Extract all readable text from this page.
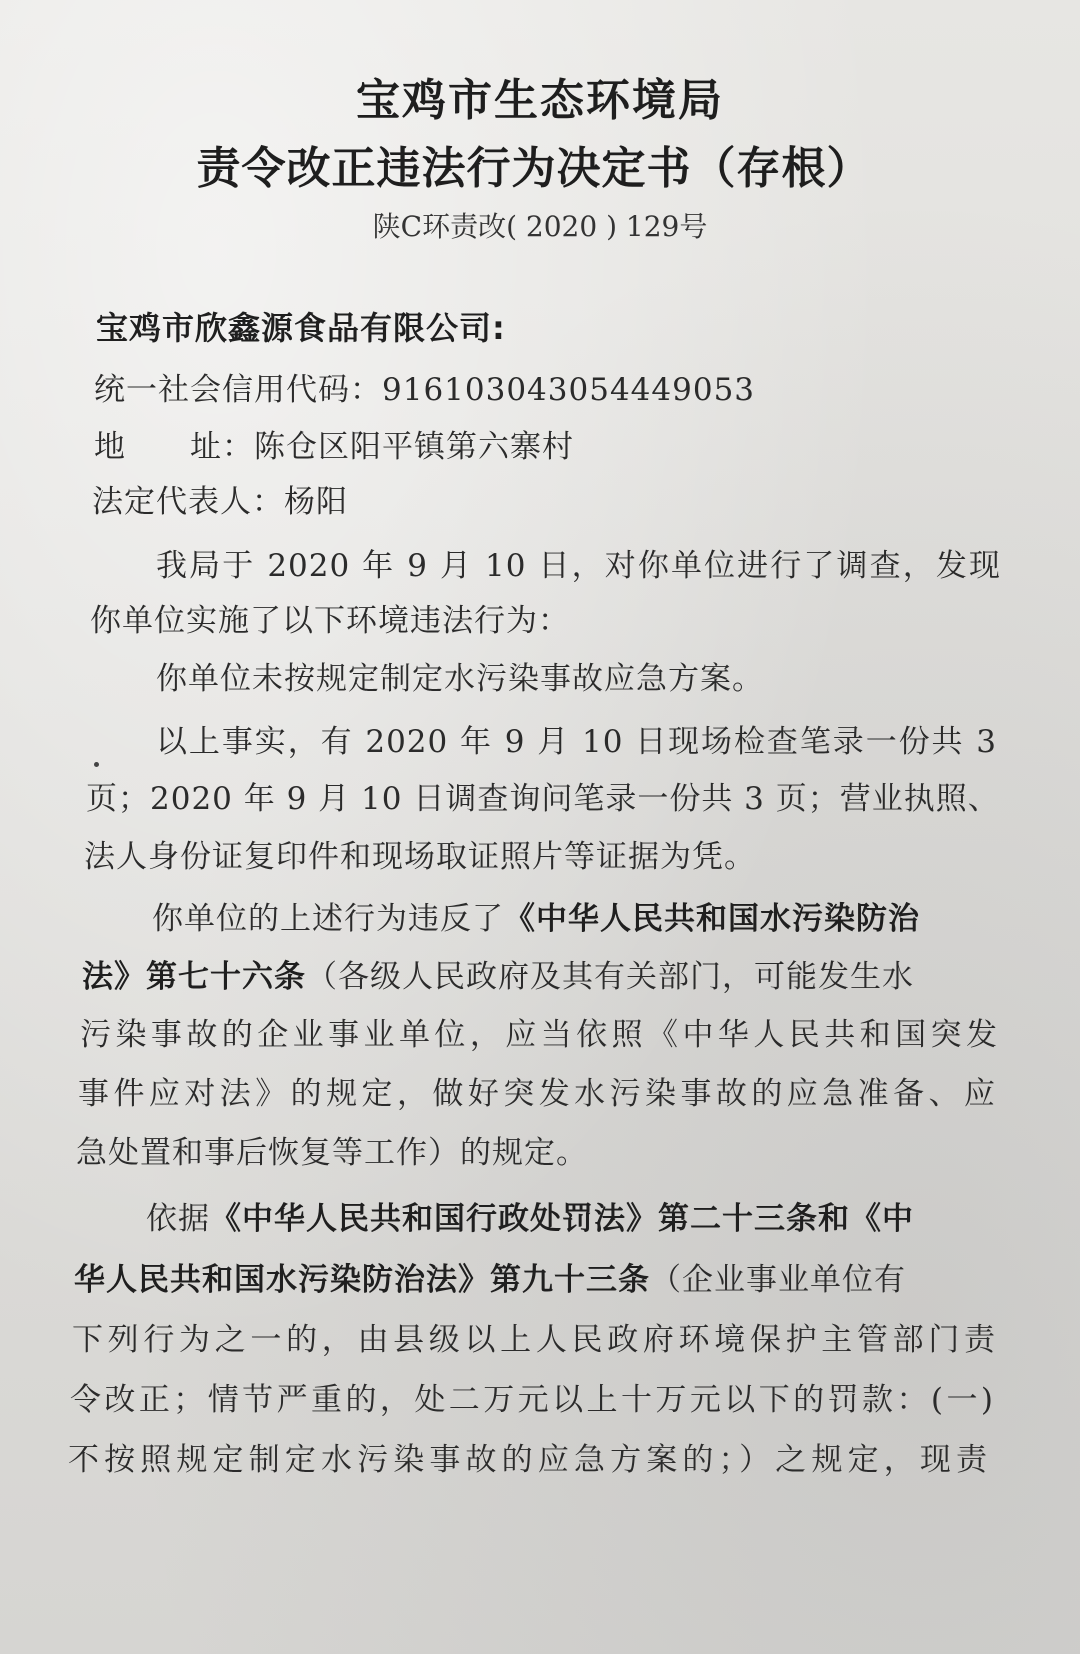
宝鸡市生态环境局
责令改正违法行为决定书（存根）
陕C环责改( 2020 ) 129号
宝鸡市欣鑫源食品有限公司:
统一社会信用代码：916103043054449053
地　　址：陈仓区阳平镇第六寨村
法定代表人：杨阳
我局于 2020 年 9 月 10 日，对你单位进行了调查，发现
你单位实施了以下环境违法行为：
你单位未按规定制定水污染事故应急方案。
以上事实，有 2020 年 9 月 10 日现场检查笔录一份共 3
页；2020 年 9 月 10 日调查询问笔录一份共 3 页；营业执照、
法人身份证复印件和现场取证照片等证据为凭。
你单位的上述行为违反了《中华人民共和国水污染防治
法》第七十六条（各级人民政府及其有关部门，可能发生水
污染事故的企业事业单位，应当依照《中华人民共和国突发
事件应对法》的规定，做好突发水污染事故的应急准备、应
急处置和事后恢复等工作）的规定。
依据《中华人民共和国行政处罚法》第二十三条和《中
华人民共和国水污染防治法》第九十三条（企业事业单位有
下列行为之一的，由县级以上人民政府环境保护主管部门责
令改正；情节严重的，处二万元以上十万元以下的罚款：(一)
不按照规定制定水污染事故的应急方案的；）之规定，现责
